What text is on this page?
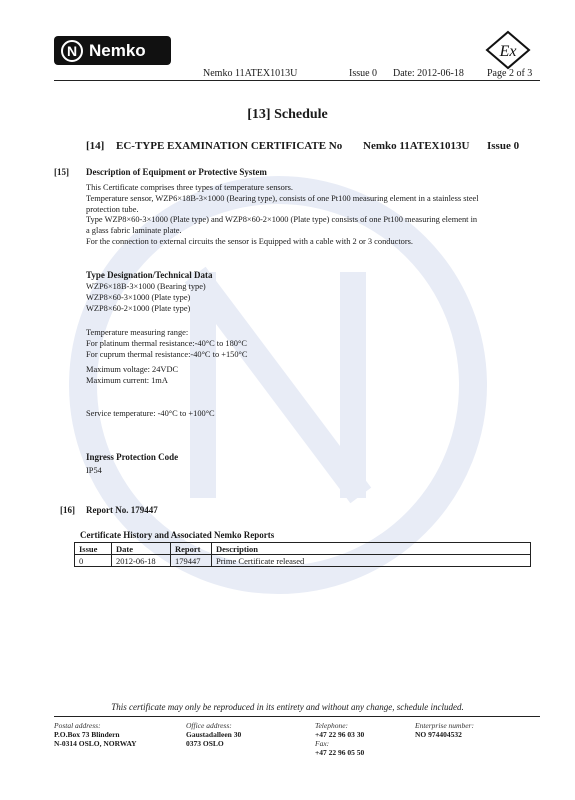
N Nemko	Ex
Nemko 11ATEX1013U	Issue 0 Date: 2012-06-18 Page 2 of 3
[13] Schedule
[14] EC-TYPE EXAMINATION CERTIFICATE No Nemko 11ATEX1013U Issue 0
[15] Description of Equipment or Protective System
This Certificate comprises three types of temperature sensors.
Temperature sensor, WZP6×18B-3×1000 (Bearing type), consists of one Pt100 measuring element in a stainless steel
protection tube.
Type WZP8×60-3×1000 (Plate type) and WZP8×60-2×1000 (Plate type) consists of one Pt100 measuring element in
a glass fabric laminate plate.
For the connection to external circuits the sensor is Equipped with a cable with 2 or 3 conductors.
Type Designation/Technical Data
WZP6×18B-3×1000 (Bearing type)
WZP8×60-3×1000 (Plate type)
WZP8×60-2×1000 (Plate type)
Temperature measuring range:
For platinum thermal resistance:-40°C to 180°C
For cuprum thermal resistance:-40°C to +150°C
Maximum voltage: 24VDC
Maximum current: 1mA
Service temperature: -40°C to +100°C
Ingress Protection Code
IP54
[16] Report No. 179447
Certificate History and Associated Nemko Reports
Issue	Date	Report	Description
0	2012-06-18	179447	Prime Certificate released
This certificate may only be reproduced in its entirety and without any change, schedule included.
Postal address:
P.O.Box 73 Blindern
N-0314 OSLO, NORWAY
Office address:
Gaustadalleen 30
0373 OSLO
Telephone:
+47 22 96 03 30
Fax:
+47 22 96 05 50
Enterprise number:
NO 974404532
